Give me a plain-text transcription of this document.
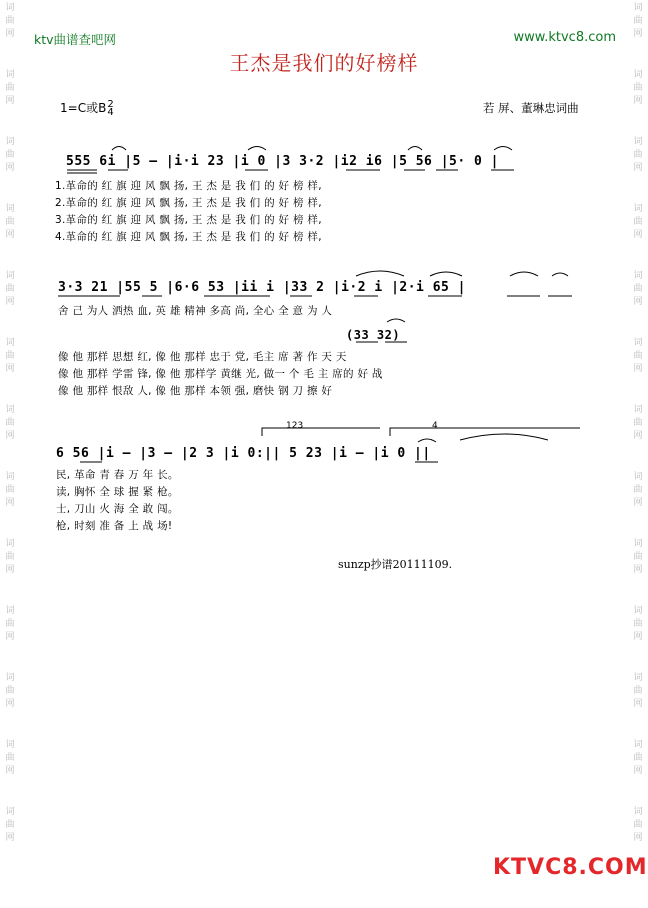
词曲网
词曲网
词曲网
词曲网
词曲网
词曲网
词曲网
词曲网
词曲网
词曲网
词曲网
词曲网
词曲网
词曲网
词曲网
词曲网
词曲网
词曲网
词曲网
词曲网
词曲网
词曲网
词曲网
词曲网
词曲网
词曲网
ktv曲谱查吧网	www.ktvc8.com
王杰是我们的好榜样
1=C或B2
4	若 屏、董琳忠词曲
555 6i |5 – |i·i 23 |i 0 |3 3·2 |i2 i6 |5 56 |5· 0 |
1.革命的 红 旗 迎 风 飘 扬, 王 杰 是 我 们 的 好 榜 样,
2.革命的 红 旗 迎 风 飘 扬, 王 杰 是 我 们 的 好 榜 样,
3.革命的 红 旗 迎 风 飘 扬, 王 杰 是 我 们 的 好 榜 样,
4.革命的 红 旗 迎 风 飘 扬, 王 杰 是 我 们 的 好 榜 样,
3·3 21 |55 5 |6·6 53 |ii i |33 2 |i·2 i |2·i 65 |
舍 己 为人 洒热 血, 英 雄 精神 多高 尚, 全心 全 意 为 人
(33 32)
像 他 那样 思想 红, 像 他 那样 忠于 党, 毛主 席 著 作 天 天
像 他 那样 学雷 锋, 像 他 那样学 黄继 光, 做一 个 毛 主 席的 好 战
像 他 那样 恨敌 人, 像 他 那样 本领 强, 磨快 钢 刀 擦 好
123	4
6 56 |i – |3 – |2 3 |i 0:|| 5 23 |i – |i 0 ||
民, 革命 青 春 万 年 长。
读, 胸怀 全 球 握 紧 枪。
士, 刀山 火 海 全 敢 闯。
枪, 时刻 准 备 上 战 场!
sunzp抄谱20111109.
KTVC8.COM
